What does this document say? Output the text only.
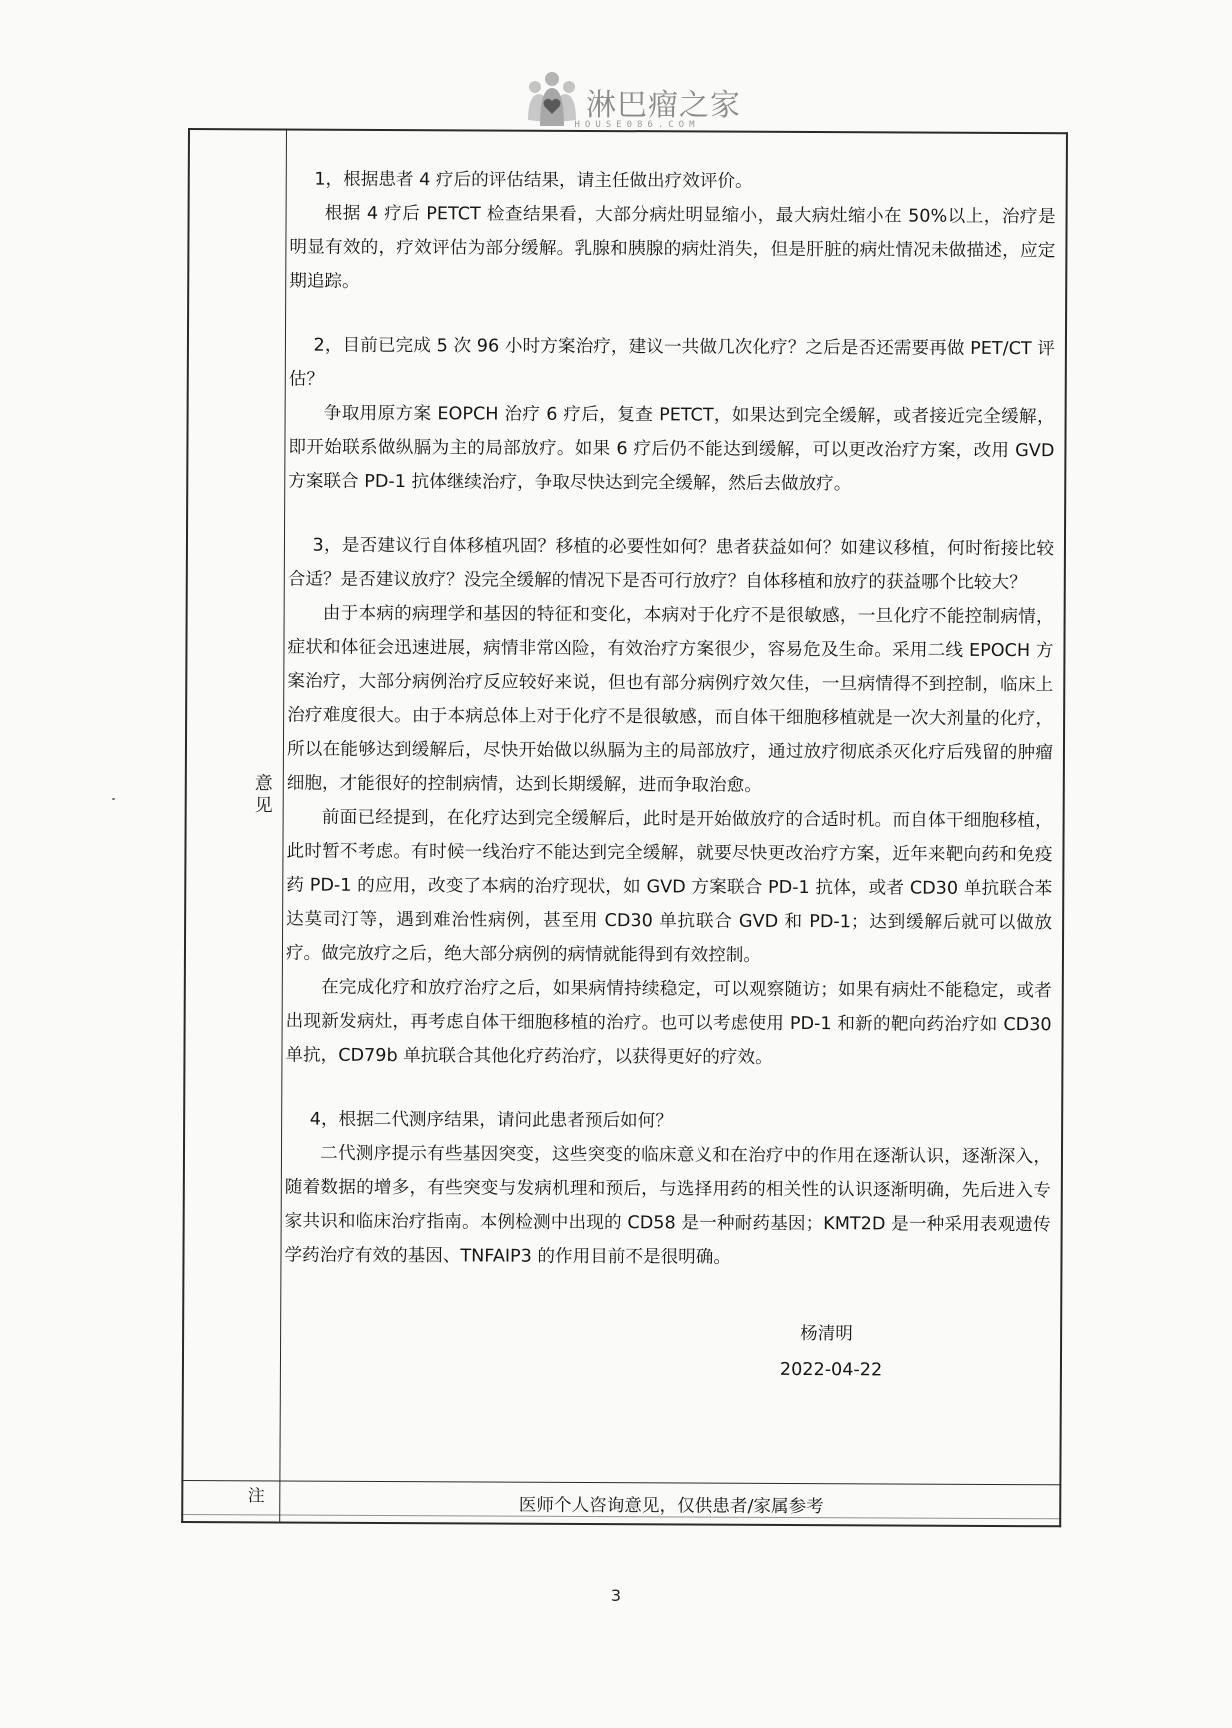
淋巴瘤之家
HOUSE086.COM
意见

1，根据患者 4 疗后的评估结果，请主任做出疗效评价。

根据 4 疗后 PETCT 检查结果看，大部分病灶明显缩小，最大病灶缩小在 50%以上，治疗是明显有效的，疗效评估为部分缓解。乳腺和胰腺的病灶消失，但是肝脏的病灶情况未做描述，应定期追踪。

2，目前已完成 5 次 96 小时方案治疗，建议一共做几次化疗？之后是否还需要再做 PET/CT 评估？

争取用原方案 EOPCH 治疗 6 疗后，复查 PETCT，如果达到完全缓解，或者接近完全缓解，即开始联系做纵膈为主的局部放疗。如果 6 疗后仍不能达到缓解，可以更改治疗方案，改用 GVD 方案联合 PD-1 抗体继续治疗，争取尽快达到完全缓解，然后去做放疗。

3，是否建议行自体移植巩固？移植的必要性如何？患者获益如何？如建议移植，何时衔接比较合适？是否建议放疗？没完全缓解的情况下是否可行放疗？自体移植和放疗的获益哪个比较大？

由于本病的病理学和基因的特征和变化，本病对于化疗不是很敏感，一旦化疗不能控制病情，症状和体征会迅速进展，病情非常凶险，有效治疗方案很少，容易危及生命。采用二线 EPOCH 方案治疗，大部分病例治疗反应较好来说，但也有部分病例疗效欠佳，一旦病情得不到控制，临床上治疗难度很大。由于本病总体上对于化疗不是很敏感，而自体干细胞移植就是一次大剂量的化疗，所以在能够达到缓解后，尽快开始做以纵膈为主的局部放疗，通过放疗彻底杀灭化疗后残留的肿瘤细胞，才能很好的控制病情，达到长期缓解，进而争取治愈。

前面已经提到，在化疗达到完全缓解后，此时是开始做放疗的合适时机。而自体干细胞移植，此时暂不考虑。有时候一线治疗不能达到完全缓解，就要尽快更改治疗方案，近年来靶向药和免疫药 PD-1 的应用，改变了本病的治疗现状，如 GVD 方案联合 PD-1 抗体，或者 CD30 单抗联合苯达莫司汀等，遇到难治性病例，甚至用 CD30 单抗联合 GVD 和 PD-1；达到缓解后就可以做放疗。做完放疗之后，绝大部分病例的病情就能得到有效控制。

在完成化疗和放疗治疗之后，如果病情持续稳定，可以观察随访；如果有病灶不能稳定，或者出现新发病灶，再考虑自体干细胞移植的治疗。也可以考虑使用 PD-1 和新的靶向药治疗如 CD30 单抗，CD79b 单抗联合其他化疗药治疗，以获得更好的疗效。

4，根据二代测序结果，请问此患者预后如何？

二代测序提示有些基因突变，这些突变的临床意义和在治疗中的作用在逐渐认识，逐渐深入，随着数据的增多，有些突变与发病机理和预后，与选择用药的相关性的认识逐渐明确，先后进入专家共识和临床治疗指南。本例检测中出现的 CD58 是一种耐药基因；KMT2D 是一种采用表观遗传学药治疗有效的基因、TNFAIP3 的作用目前不是很明确。

杨清明
2022-04-22
注	医师个人咨询意见，仅供患者/家属参考
3
